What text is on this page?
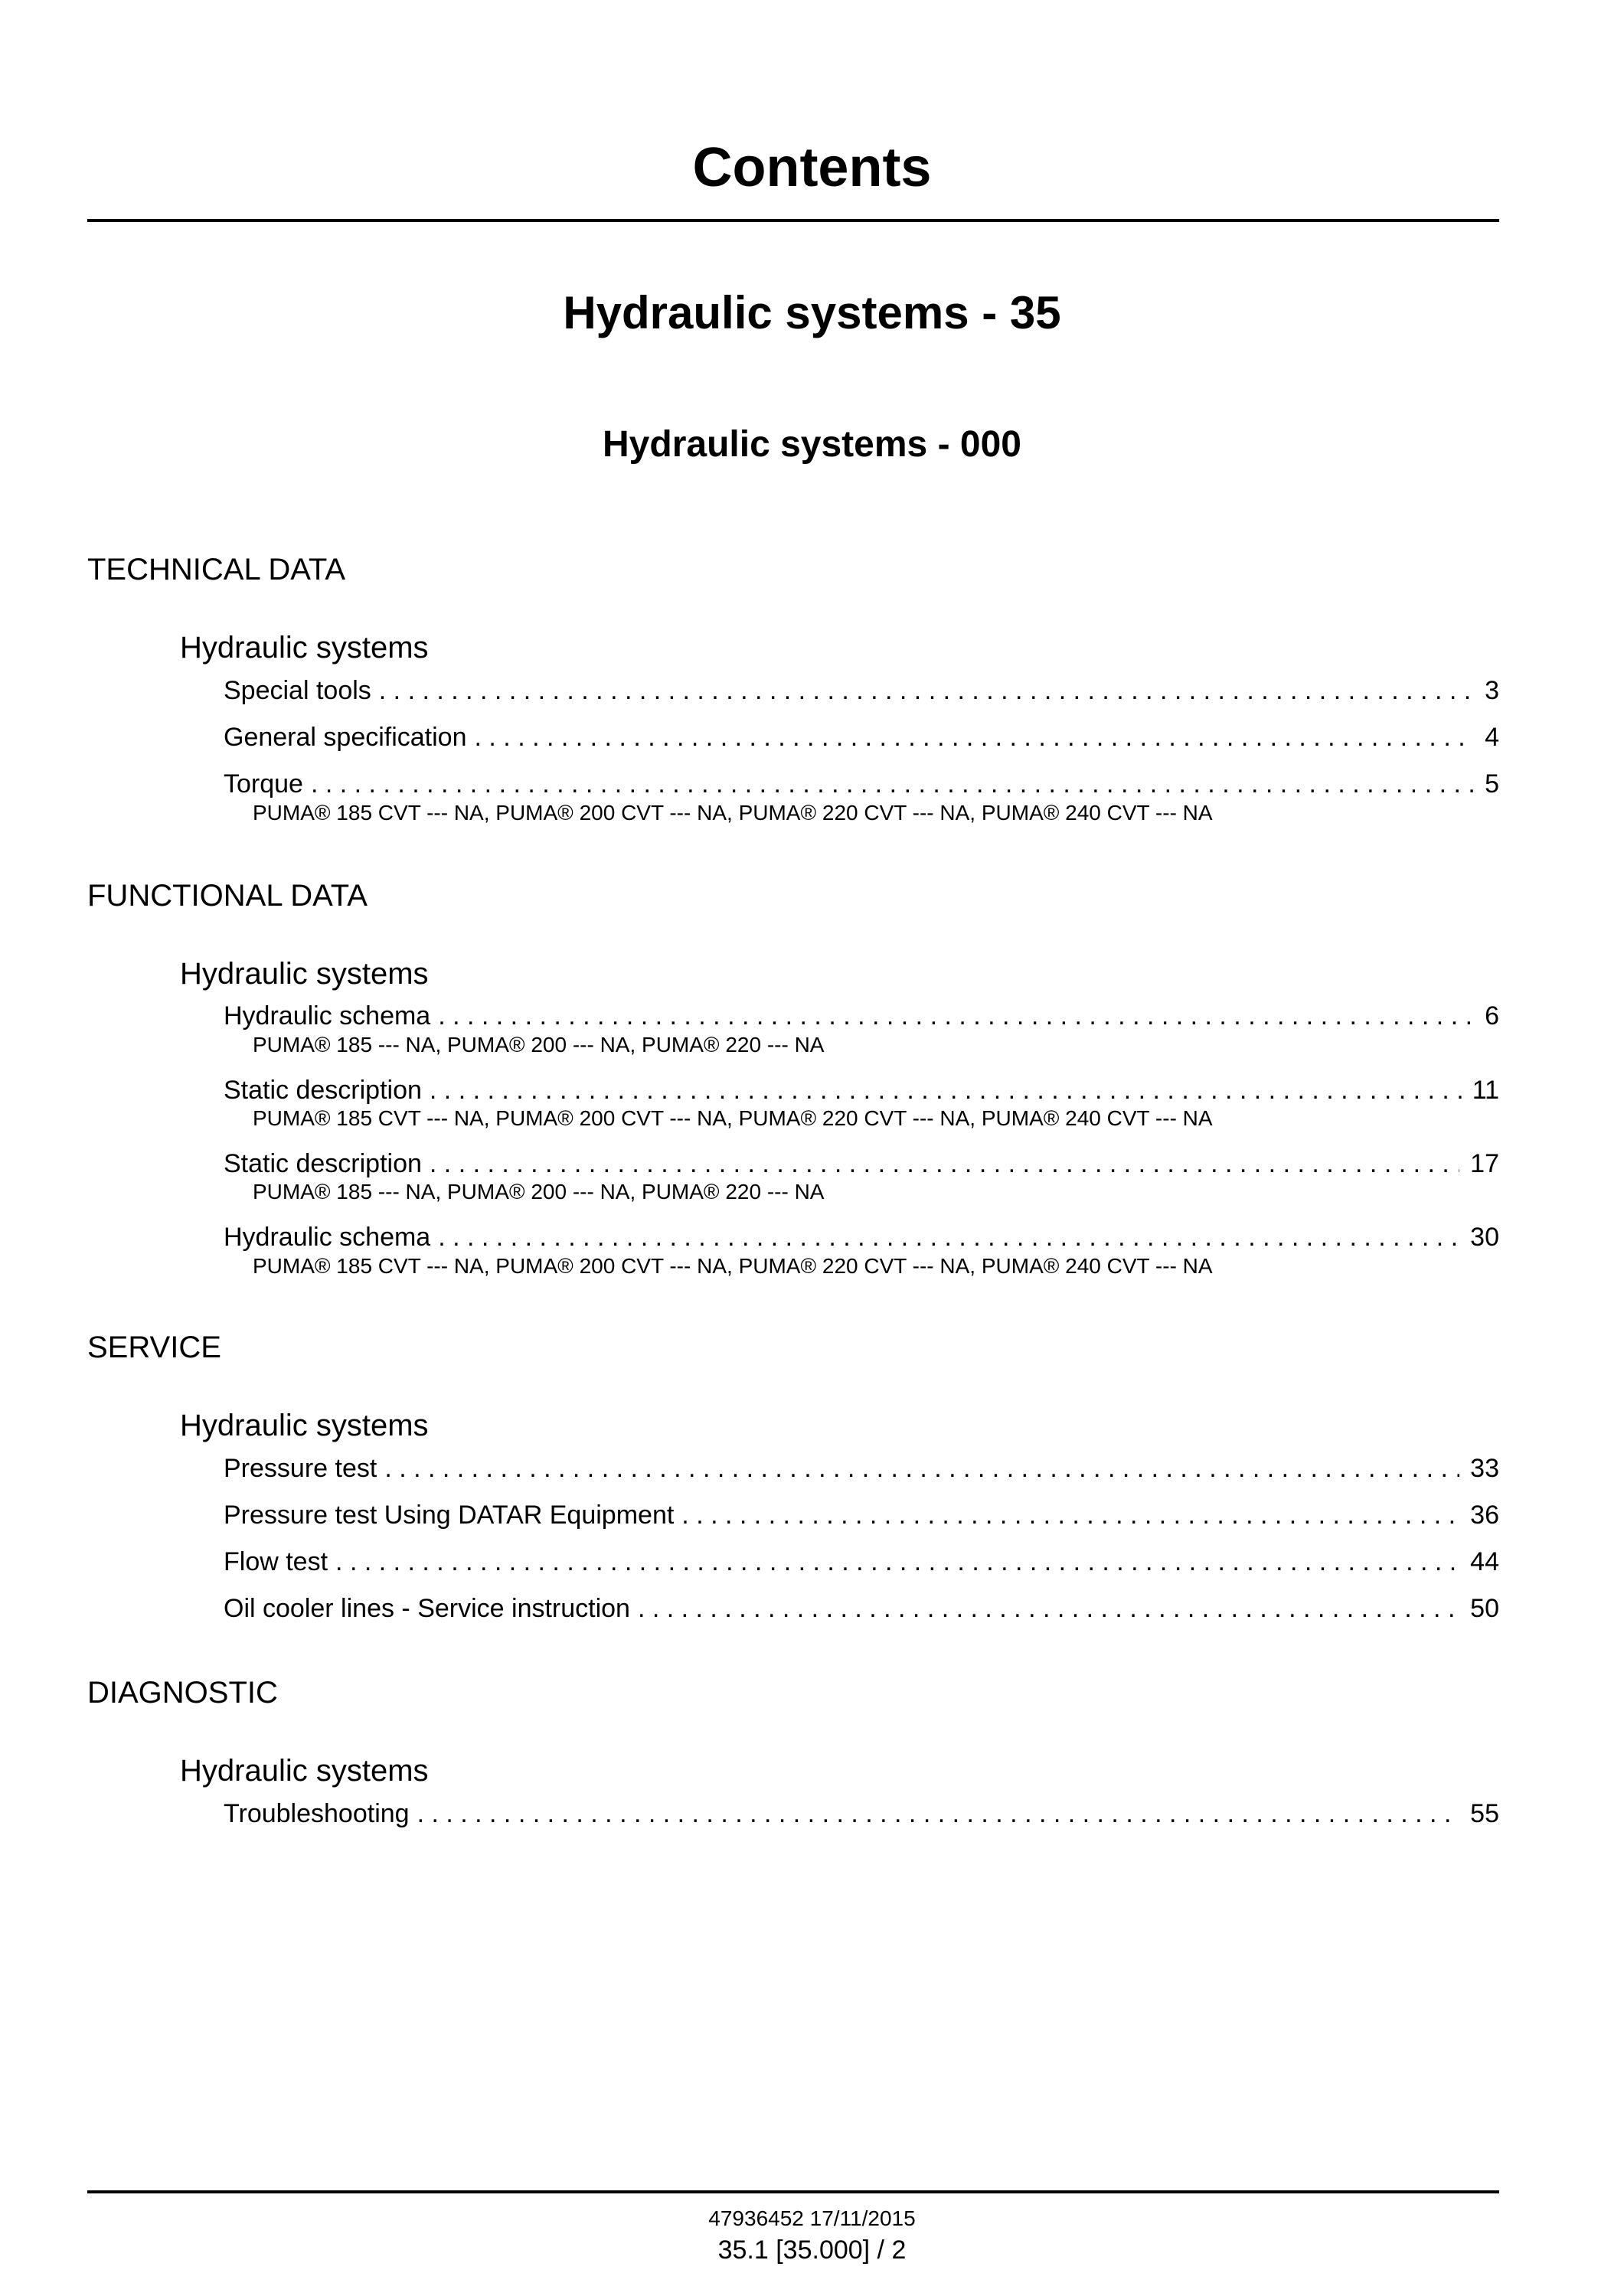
Contents
Hydraulic systems - 35
Hydraulic systems - 000
TECHNICAL DATA
Hydraulic systems
Special tools . . .	3
General specification . . .	4
Torque . . .	5
PUMA® 185 CVT --- NA, PUMA® 200 CVT --- NA, PUMA® 220 CVT --- NA, PUMA® 240 CVT --- NA
FUNCTIONAL DATA
Hydraulic systems
Hydraulic schema . . .	6
PUMA® 185 --- NA, PUMA® 200 --- NA, PUMA® 220 --- NA
Static description . . .	11
PUMA® 185 CVT --- NA, PUMA® 200 CVT --- NA, PUMA® 220 CVT --- NA, PUMA® 240 CVT --- NA
Static description . . .	17
PUMA® 185 --- NA, PUMA® 200 --- NA, PUMA® 220 --- NA
Hydraulic schema . . .	30
PUMA® 185 CVT --- NA, PUMA® 200 CVT --- NA, PUMA® 220 CVT --- NA, PUMA® 240 CVT --- NA
SERVICE
Hydraulic systems
Pressure test . . .	33
Pressure test Using DATAR Equipment . . .	36
Flow test . . .	44
Oil cooler lines - Service instruction . . .	50
DIAGNOSTIC
Hydraulic systems
Troubleshooting . . .	55
47936452 17/11/2015
35.1 [35.000] / 2
